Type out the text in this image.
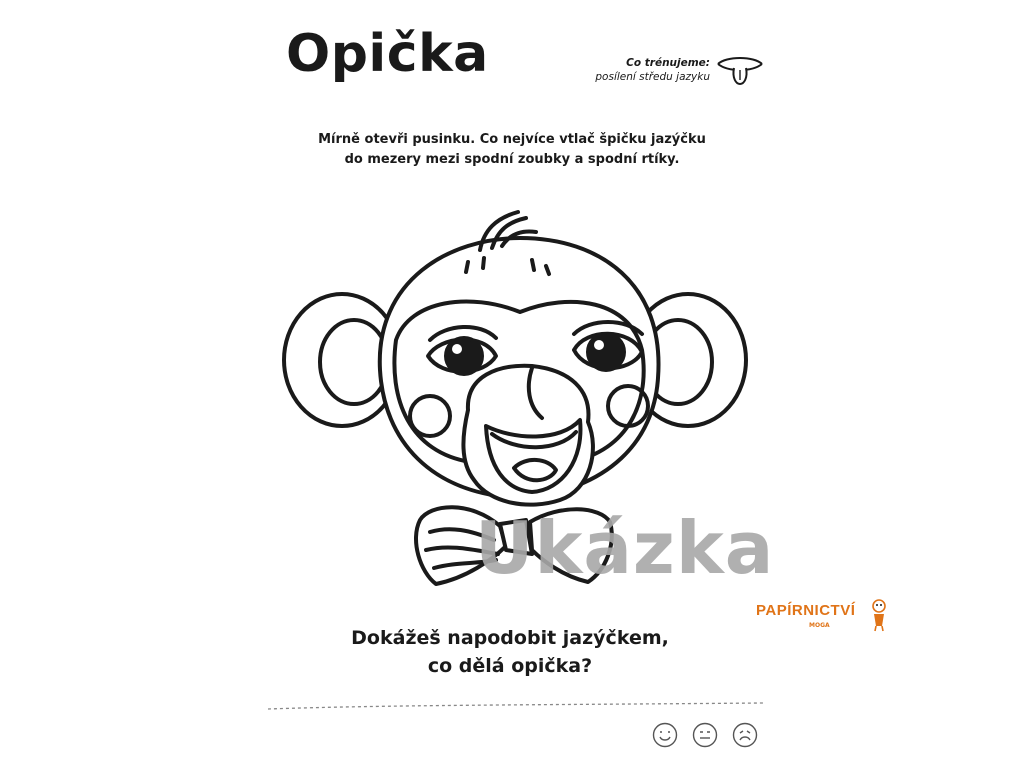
Opička	Co trénujeme:
posílení středu jazyku
Mírně otevři pusinku. Co nejvíce vtlač špičku jazýčku
do mezery mezi spodní zoubky a spodní rtíky.
Ukázka
PAPÍRNICTVÍ
MOGA
Dokážeš napodobit jazýčkem,
co dělá opička?
